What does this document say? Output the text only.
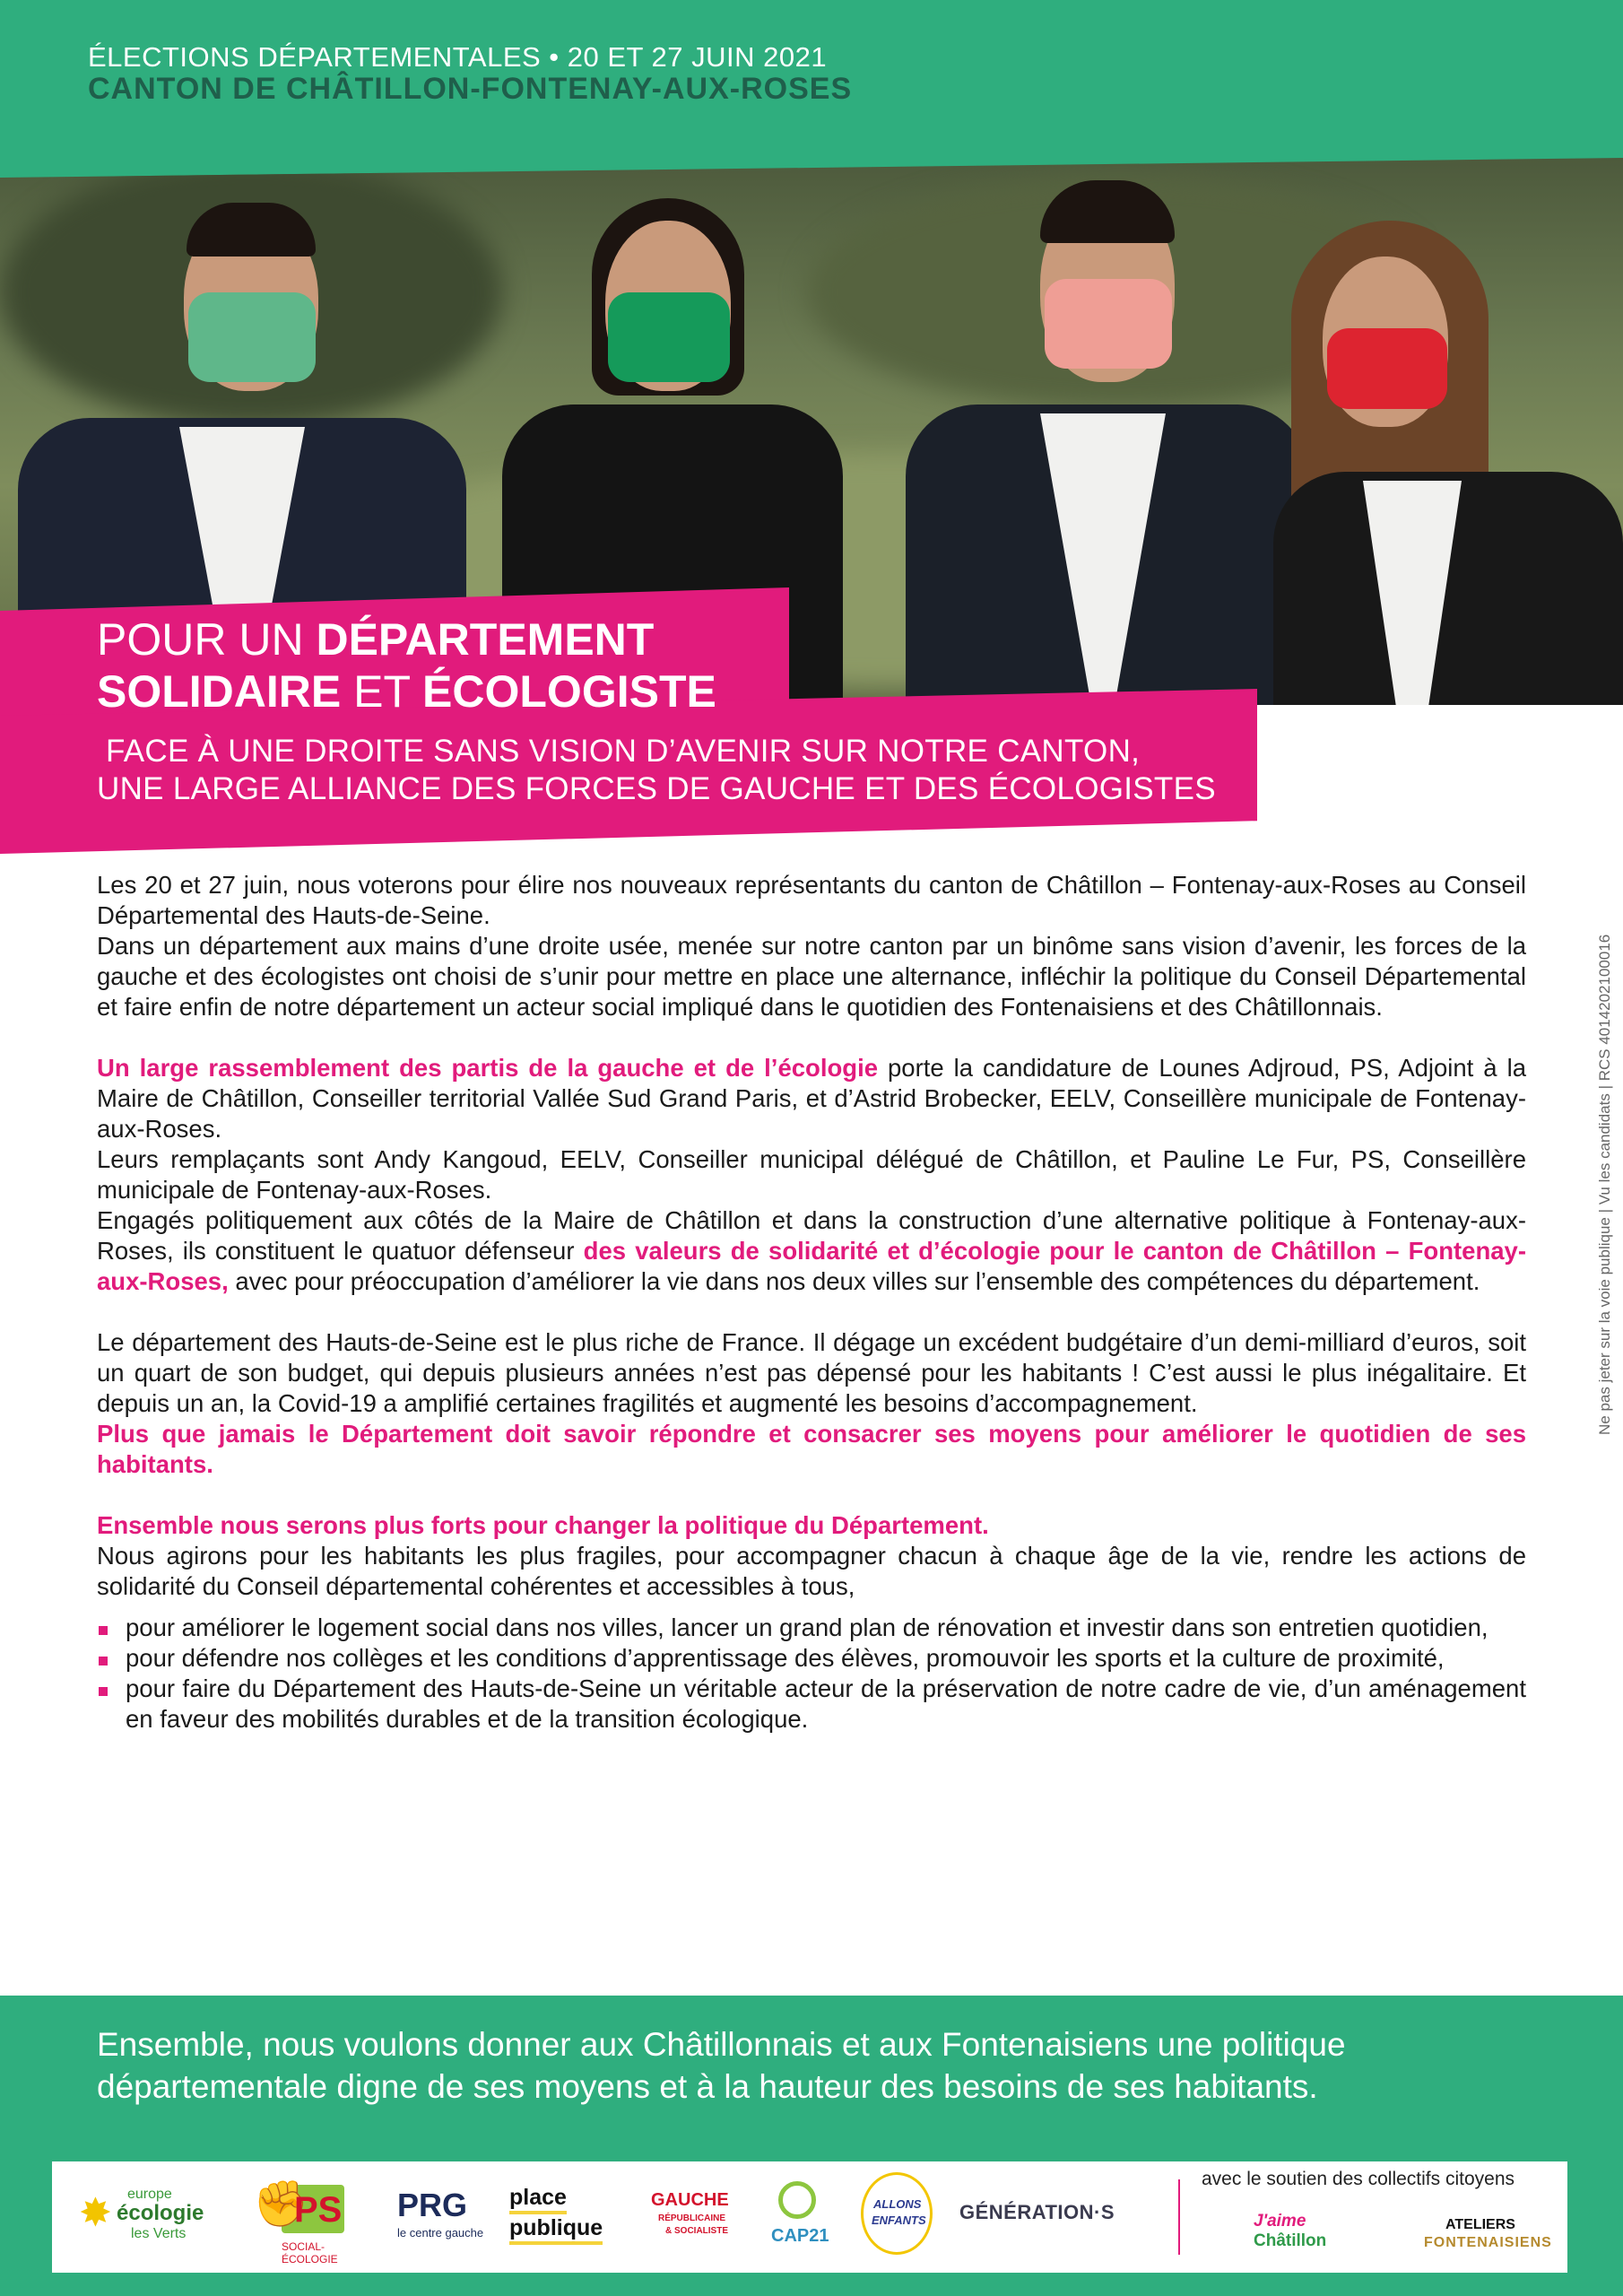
ÉLECTIONS DÉPARTEMENTALES • 20 ET 27 JUIN 2021
CANTON DE CHÂTILLON-FONTENAY-AUX-ROSES
POUR UN DÉPARTEMENT
SOLIDAIRE ET ÉCOLOGISTE
FACE À UNE DROITE SANS VISION D’AVENIR SUR NOTRE CANTON,
UNE LARGE ALLIANCE DES FORCES DE GAUCHE ET DES ÉCOLOGISTES

Les 20 et 27 juin, nous voterons pour élire nos nouveaux représentants du canton de Châtillon – Fontenay-aux-Roses au Conseil Départemental des Hauts-de-Seine.

Dans un département aux mains d’une droite usée, menée sur notre canton par un binôme sans vision d’avenir, les forces de la gauche et des écologistes ont choisi de s’unir pour mettre en place une alternance, infléchir la politique du Conseil Départemental et faire enfin de notre département un acteur social impliqué dans le quotidien des Fontenaisiens et des Châtillonnais.

Un large rassemblement des partis de la gauche et de l’écologie porte la candidature de Lounes Adjroud, PS, Adjoint à la Maire de Châtillon, Conseiller territorial Vallée Sud Grand Paris, et d’Astrid Brobecker, EELV, Conseillère municipale de Fontenay-aux-Roses.

Leurs remplaçants sont Andy Kangoud, EELV, Conseiller municipal délégué de Châtillon, et Pauline Le Fur, PS, Conseillère municipale de Fontenay-aux-Roses.

Engagés politiquement aux côtés de la Maire de Châtillon et dans la construction d’une alternative politique à Fontenay-aux-Roses, ils constituent le quatuor défenseur des valeurs de solidarité et d’écologie pour le canton de Châtillon – Fontenay-aux-Roses, avec pour préoccupation d’améliorer la vie dans nos deux villes sur l’ensemble des compétences du département.

Le département des Hauts-de-Seine est le plus riche de France. Il dégage un excédent budgétaire d’un demi-milliard d’euros, soit un quart de son budget, qui depuis plusieurs années n’est pas dépensé pour les habitants ! C’est aussi le plus inégalitaire. Et depuis un an, la Covid-19 a amplifié certaines fragilités et augmenté les besoins d’accompagnement.

Plus que jamais le Département doit savoir répondre et consacrer ses moyens pour améliorer le quotidien de ses habitants.

Ensemble nous serons plus forts pour changer la politique du Département.

Nous agirons pour les habitants les plus fragiles, pour accompagner chacun à chaque âge de la vie, rendre les actions de solidarité du Conseil départemental cohérentes et accessibles à tous,

pour améliorer le logement social dans nos villes, lancer un grand plan de rénovation et investir dans son entretien quotidien,
pour défendre nos collèges et les conditions d’apprentissage des élèves, promouvoir les sports et la culture de proximité,
pour faire du Département des Hauts-de-Seine un véritable acteur de la préservation de notre cadre de vie, d’un aménagement en faveur des mobilités durables et de la transition écologique.
Ne pas jeter sur la voie publique | Vu les candidats | RCS 4014202100016
Ensemble, nous voulons donner aux Châtillonnais et aux Fontenaisiens une politique départementale digne de ses moyens et à la hauteur des besoins de ses habitants.
✸ europe
écologie
les Verts
✊
PS
SOCIAL-ÉCOLOGIE
PRG
le centre gauche
place
publique
GAUCHE
RÉPUBLICAINE
& SOCIALISTE CAP21
ALLONS
ENFANTS GÉNÉRATION·S
avec le soutien des collectifs citoyens
J'aime
Châtillon
ATELIERS
FONTENAISIENS
